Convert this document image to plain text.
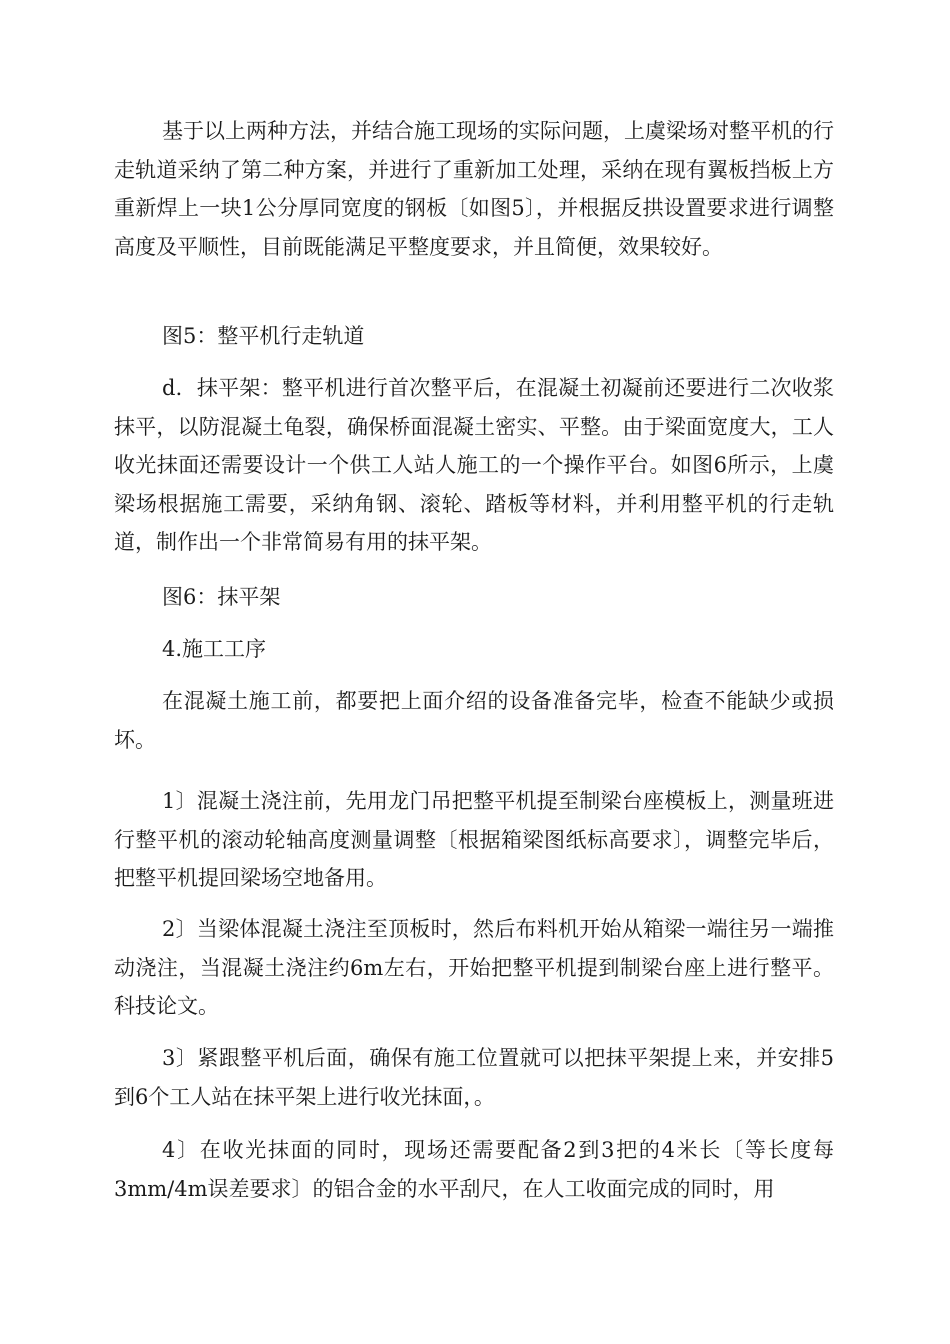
基于以上两种方法，并结合施工现场的实际问题，上虞梁场对整平机的行走轨道采纳了第二种方案，并进行了重新加工处理，采纳在现有翼板挡板上方重新焊上一块1公分厚同宽度的钢板〔如图5〕，并根据反拱设置要求进行调整高度及平顺性，目前既能满足平整度要求，并且简便，效果较好。

图5：整平机行走轨道

d．抹平架：整平机进行首次整平后，在混凝土初凝前还要进行二次收浆抹平，以防混凝土龟裂，确保桥面混凝土密实、平整。由于梁面宽度大，工人收光抹面还需要设计一个供工人站人施工的一个操作平台。如图6所示，上虞梁场根据施工需要，采纳角钢、滚轮、踏板等材料，并利用整平机的行走轨道，制作出一个非常简易有用的抹平架。

图6：抹平架

4.施工工序

在混凝土施工前，都要把上面介绍的设备准备完毕，检查不能缺少或损坏。

1〕混凝土浇注前，先用龙门吊把整平机提至制梁台座模板上，测量班进行整平机的滚动轮轴高度测量调整〔根据箱梁图纸标高要求〕，调整完毕后，把整平机提回梁场空地备用。

2〕当梁体混凝土浇注至顶板时，然后布料机开始从箱梁一端往另一端推动浇注，当混凝土浇注约6m左右，开始把整平机提到制梁台座上进行整平。科技论文。

3〕紧跟整平机后面，确保有施工位置就可以把抹平架提上来，并安排5到6个工人站在抹平架上进行收光抹面，。

4〕在收光抹面的同时，现场还需要配备2到3把的4米长〔等长度每3mm/4m误差要求〕的铝合金的水平刮尺，在人工收面完成的同时，用
